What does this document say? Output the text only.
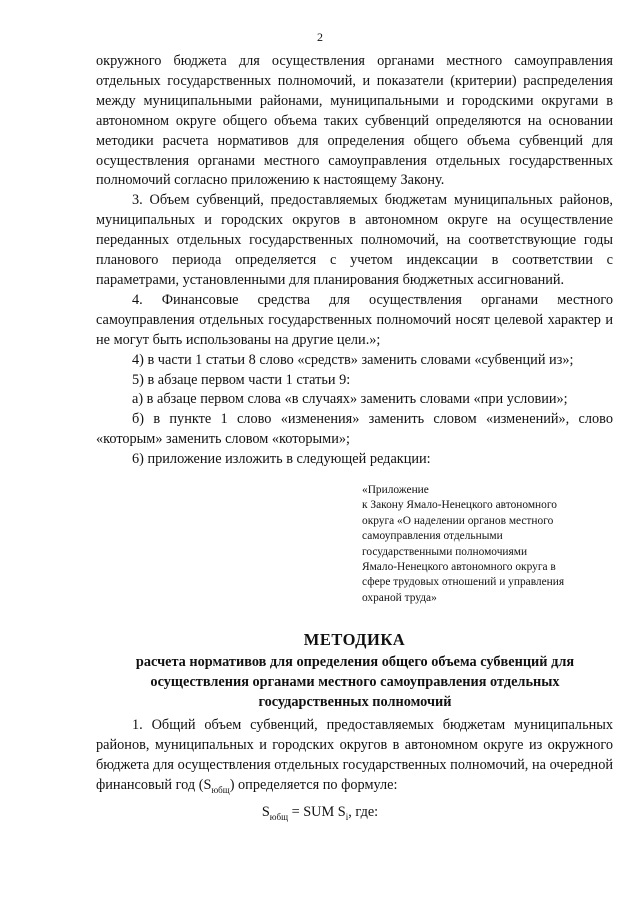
2

окружного бюджета для осуществления органами местного самоуправления отдельных государственных полномочий, и показатели (критерии) распределения между муниципальными районами, муниципальными и городскими округами в автономном округе общего объема таких субвенций определяются на основании методики расчета нормативов для определения общего объема субвенций для осуществления органами местного самоуправления отдельных государственных полномочий согласно приложению к настоящему Закону.

3. Объем субвенций, предоставляемых бюджетам муниципальных районов, муниципальных и городских округов в автономном округе на осуществление переданных отдельных государственных полномочий, на соответствующие годы планового периода определяется с учетом индексации в соответствии с параметрами, установленными для планирования бюджетных ассигнований.

4. Финансовые средства для осуществления органами местного самоуправления отдельных государственных полномочий носят целевой характер и не могут быть использованы на другие цели.»;

4) в части 1 статьи 8 слово «средств» заменить словами «субвенций из»;

5) в абзаце первом части 1 статьи 9:

а) в абзаце первом слова «в случаях» заменить словами «при условии»;

б) в пункте 1 слово «изменения» заменить словом «изменений», слово «которым» заменить словом «которыми»;

6) приложение изложить в следующей редакции:

«Приложение
к Закону Ямало-Ненецкого автономного
округа «О наделении органов местного
самоуправления отдельными
государственными полномочиями
Ямало-Ненецкого автономного округа в
сфере трудовых отношений и управления
охраной труда»
МЕТОДИКА
расчета нормативов для определения общего объема субвенций для осуществления органами местного самоуправления отдельных государственных полномочий

1. Общий объем субвенций, предоставляемых бюджетам муниципальных районов, муниципальных и городских округов в автономном округе из окружного бюджета для осуществления отдельных государственных полномочий, на очередной финансовый год $(S_{юбщ})$ определяется по формуле:

$S_{юбщ}$ = SUM $S_i$, где:
